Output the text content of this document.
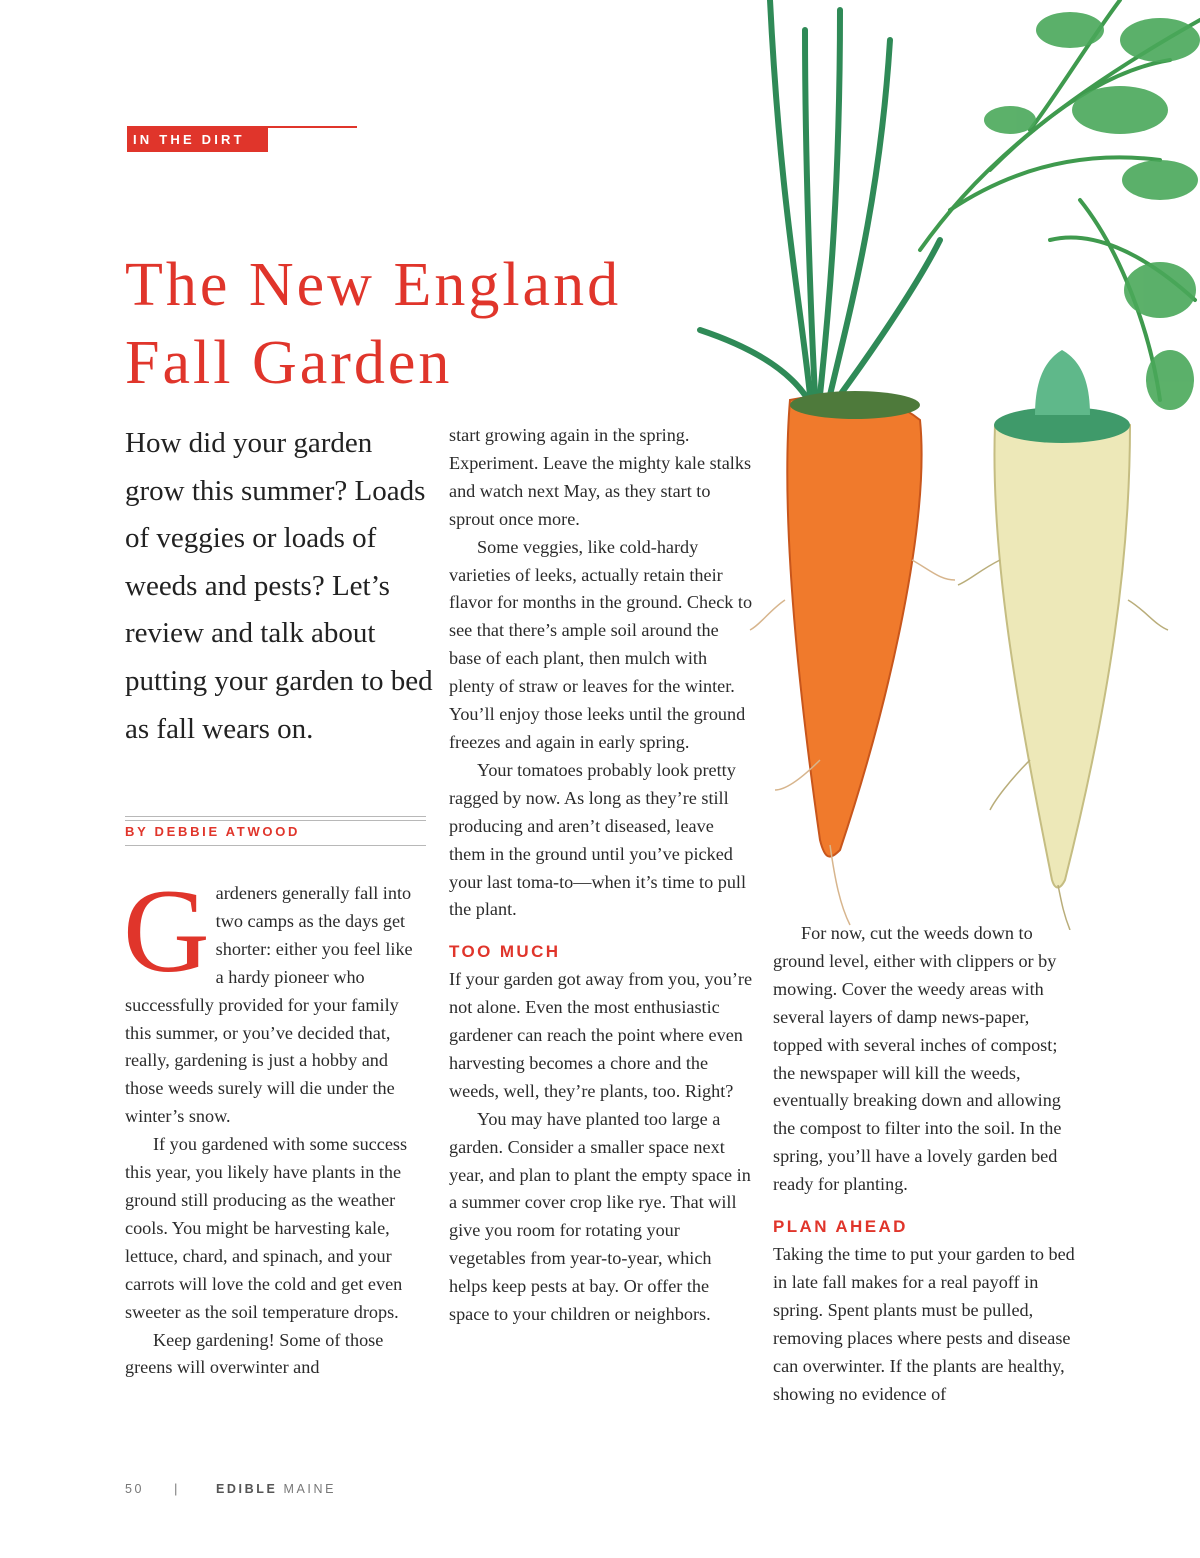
IN THE DIRT
The New England
Fall Garden
How did your garden grow this summer? Loads of veggies or loads of weeds and pests? Let’s review and talk about putting your garden to bed as fall wears on.
BY DEBBIE ATWOOD

Gardeners generally fall into two camps as the days get shorter: either you feel like a hardy pioneer who successfully provided for your family this summer, or you’ve decided that, really, gardening is just a hobby and those weeds surely will die under the winter’s snow.

If you gardened with some success this year, you likely have plants in the ground still producing as the weather cools. You might be harvesting kale, lettuce, chard, and spinach, and your carrots will love the cold and get even sweeter as the soil temperature drops.

Keep gardening! Some of those greens will overwinter and

start growing again in the spring. Experiment. Leave the mighty kale stalks and watch next May, as they start to sprout once more.

Some veggies, like cold-hardy varieties of leeks, actually retain their flavor for months in the ground. Check to see that there’s ample soil around the base of each plant, then mulch with plenty of straw or leaves for the winter. You’ll enjoy those leeks until the ground freezes and again in early spring.

Your tomatoes probably look pretty ragged by now. As long as they’re still producing and aren’t diseased, leave them in the ground until you’ve picked your last toma-to—when it’s time to pull the plant.

TOO MUCH

If your garden got away from you, you’re not alone. Even the most enthusiastic gardener can reach the point where even harvesting becomes a chore and the weeds, well, they’re plants, too. Right?

You may have planted too large a garden. Consider a smaller space next year, and plan to plant the empty space in a summer cover crop like rye. That will give you room for rotating your vegetables from year-to-year, which helps keep pests at bay. Or offer the space to your children or neighbors.

For now, cut the weeds down to ground level, either with clippers or by mowing. Cover the weedy areas with several layers of damp news-paper, topped with several inches of compost; the newspaper will kill the weeds, eventually breaking down and allowing the compost to filter into the soil. In the spring, you’ll have a lovely garden bed ready for planting.

PLAN AHEAD

Taking the time to put your garden to bed in late fall makes for a real payoff in spring. Spent plants must be pulled, removing places where pests and disease can overwinter. If the plants are healthy, showing no evidence of

50 |	EDIBLE MAINE
